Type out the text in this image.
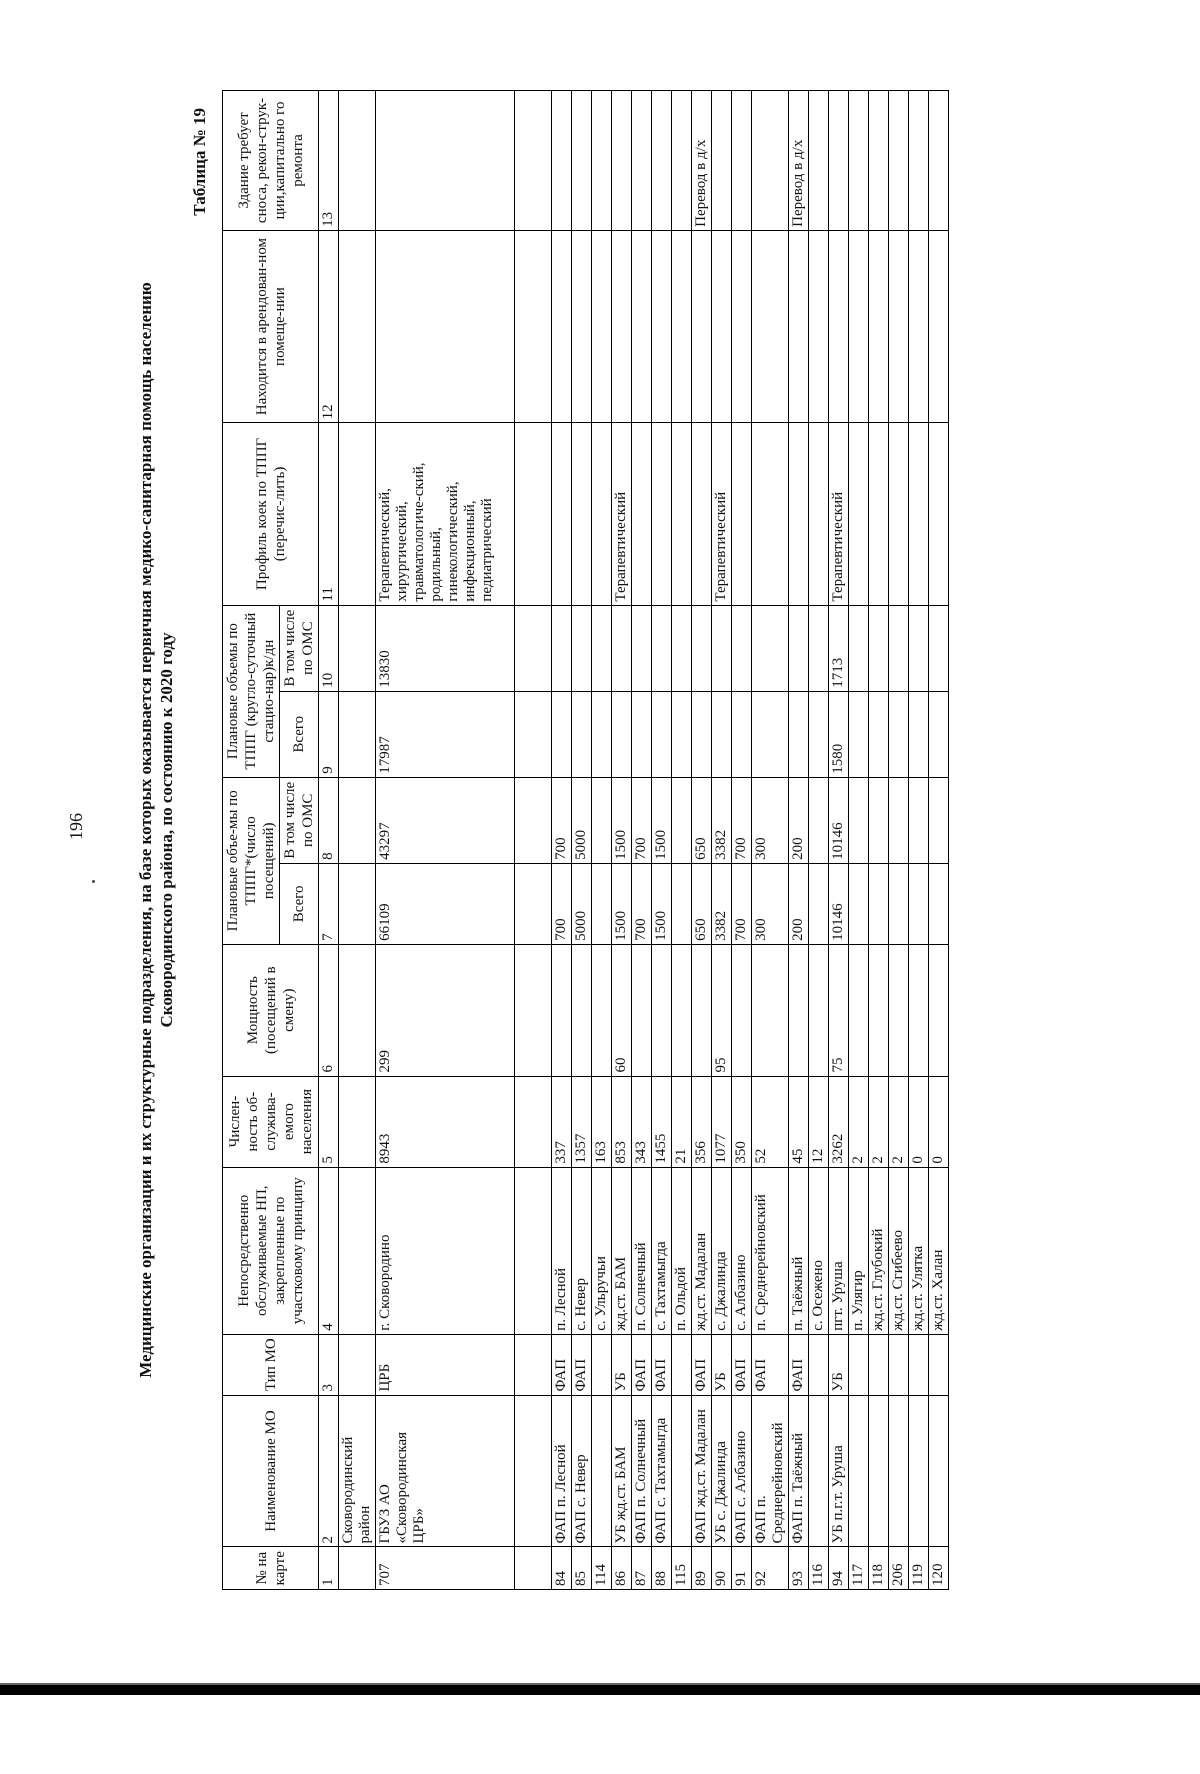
196	Медицинские организации и их структурные подразделения, на базе которых оказывается первичная медико-санитарная помощь населению Сковородинского района, по состоянию к 2020 году
Таблица № 19
№ на карте	Наименование МО	Тип МО	Непосредственно обслуживаемые НП, закрепленные по участковому принципу	Числен-ность об-служива-емого населения	Мощность (посещений в смену)	Плановые объе-мы по ТППГ*(число посещений)		Плановые объемы по ТППГ (кругло-суточный стацио-нар)к/дн		Профиль коек по ТППГ (перечис-лить)	Находится в арендован-ном помеще-нии	Здание требует сноса, рекон-струк-ции,капитально го ремонта
						Всего	В том числе по ОМС	Всего	В том числе по ОМС			
1	2	3	4	5	6	7	8	9	10	11	12	13
	Сковородинский район											
707	ГБУЗ АО «Сковородинская ЦРБ»	ЦРБ	г. Сковородино	8943	299	66109	43297	17987	13830	Терапевтический, хирургический, травматологиче-ский, родильный, гинекологический, инфекционный, педиатрический		

84	ФАП п. Лесной	ФАП	п. Лесной	337		700	700					
85	ФАП с. Невер	ФАП	с. Невер	1357		5000	5000					
114			с. Ульручьи	163								
86	УБ жд.ст. БАМ	УБ	жд.ст. БАМ	853	60	1500	1500			Терапевтический		
87	ФАП п. Солнечный	ФАП	п. Солнечный	343		700	700					
88	ФАП с. Тахтамыгда	ФАП	с. Тахтамыгда	1455		1500	1500					
115			п. Ольдой	21								
89	ФАП жд.ст. Мадалан	ФАП	жд.ст. Мадалан	356		650	650					Перевод в д/х
90	УБ с. Джалинда	УБ	с. Джалинда	1077	95	3382	3382			Терапевтический		
91	ФАП с. Албазино	ФАП	с. Албазино	350		700	700					
92	ФАП п. Среднерейновский	ФАП	п. Среднерейновский	52		300	300					
93	ФАП п. Таёжный	ФАП	п. Таёжный	45		200	200					Перевод в д/х
116			с. Осежено	12								
94	УБ п.г.т. Уруша	УБ	пгт. Уруша	3262	75	10146	10146	1580	1713	Терапевтический		
117			п. Улягир	2								
118			жд.ст. Глубокий	2								
206			жд.ст. Сгибеево	2								
119			жд.ст. Улятка	0								
120			жд.ст. Халан	0								
